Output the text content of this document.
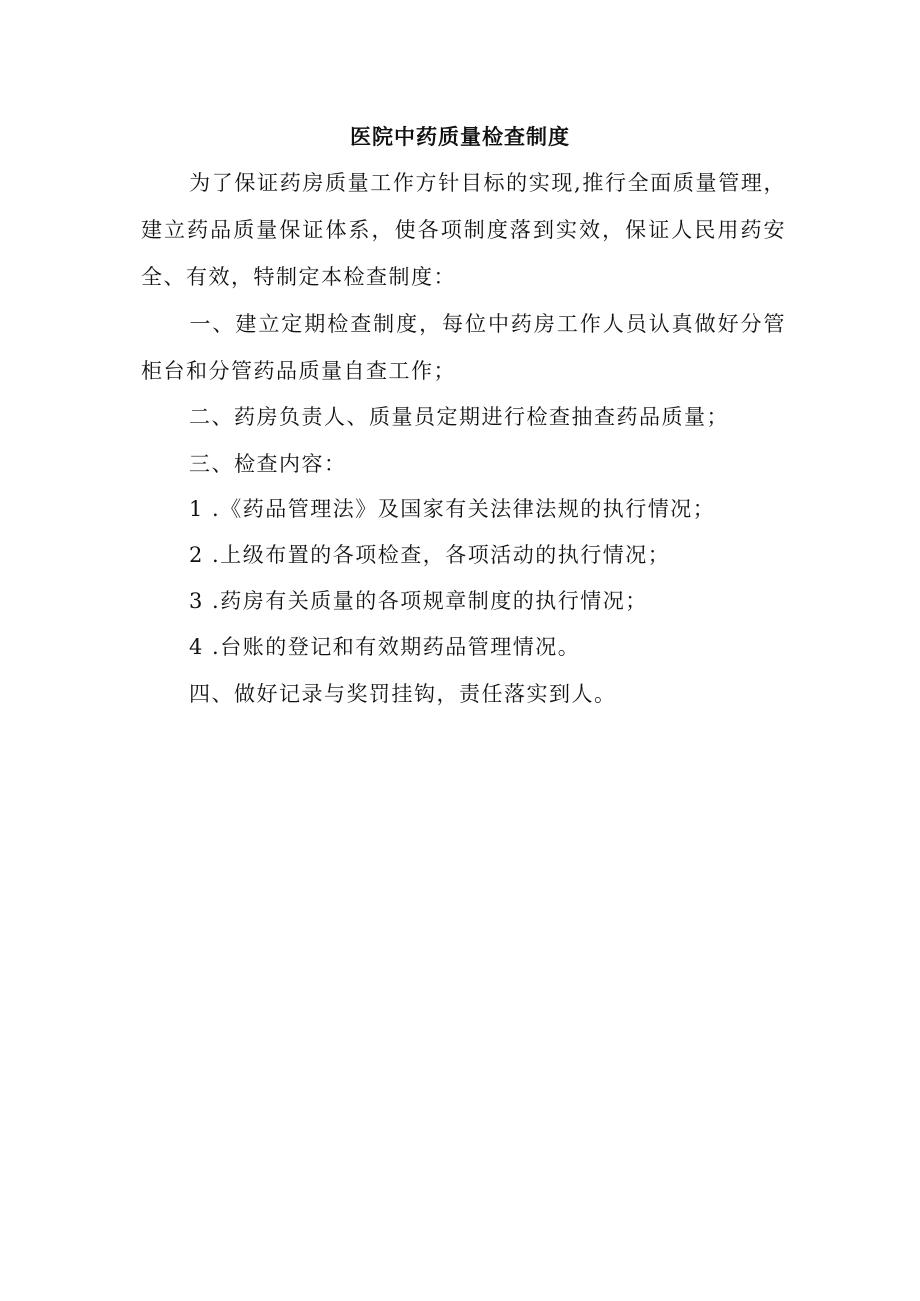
医院中药质量检查制度
为了保证药房质量工作方针目标的实现,推行全面质量管理，建立药品质量保证体系，使各项制度落到实效，保证人民用药安全、有效，特制定本检查制度：
一、建立定期检查制度，每位中药房工作人员认真做好分管柜台和分管药品质量自查工作；
二、药房负责人、质量员定期进行检查抽查药品质量；
三、检查内容：
1 .《药品管理法》及国家有关法律法规的执行情况；
2 .上级布置的各项检查，各项活动的执行情况；
3 .药房有关质量的各项规章制度的执行情况；
4 .台账的登记和有效期药品管理情况。
四、做好记录与奖罚挂钩，责任落实到人。
